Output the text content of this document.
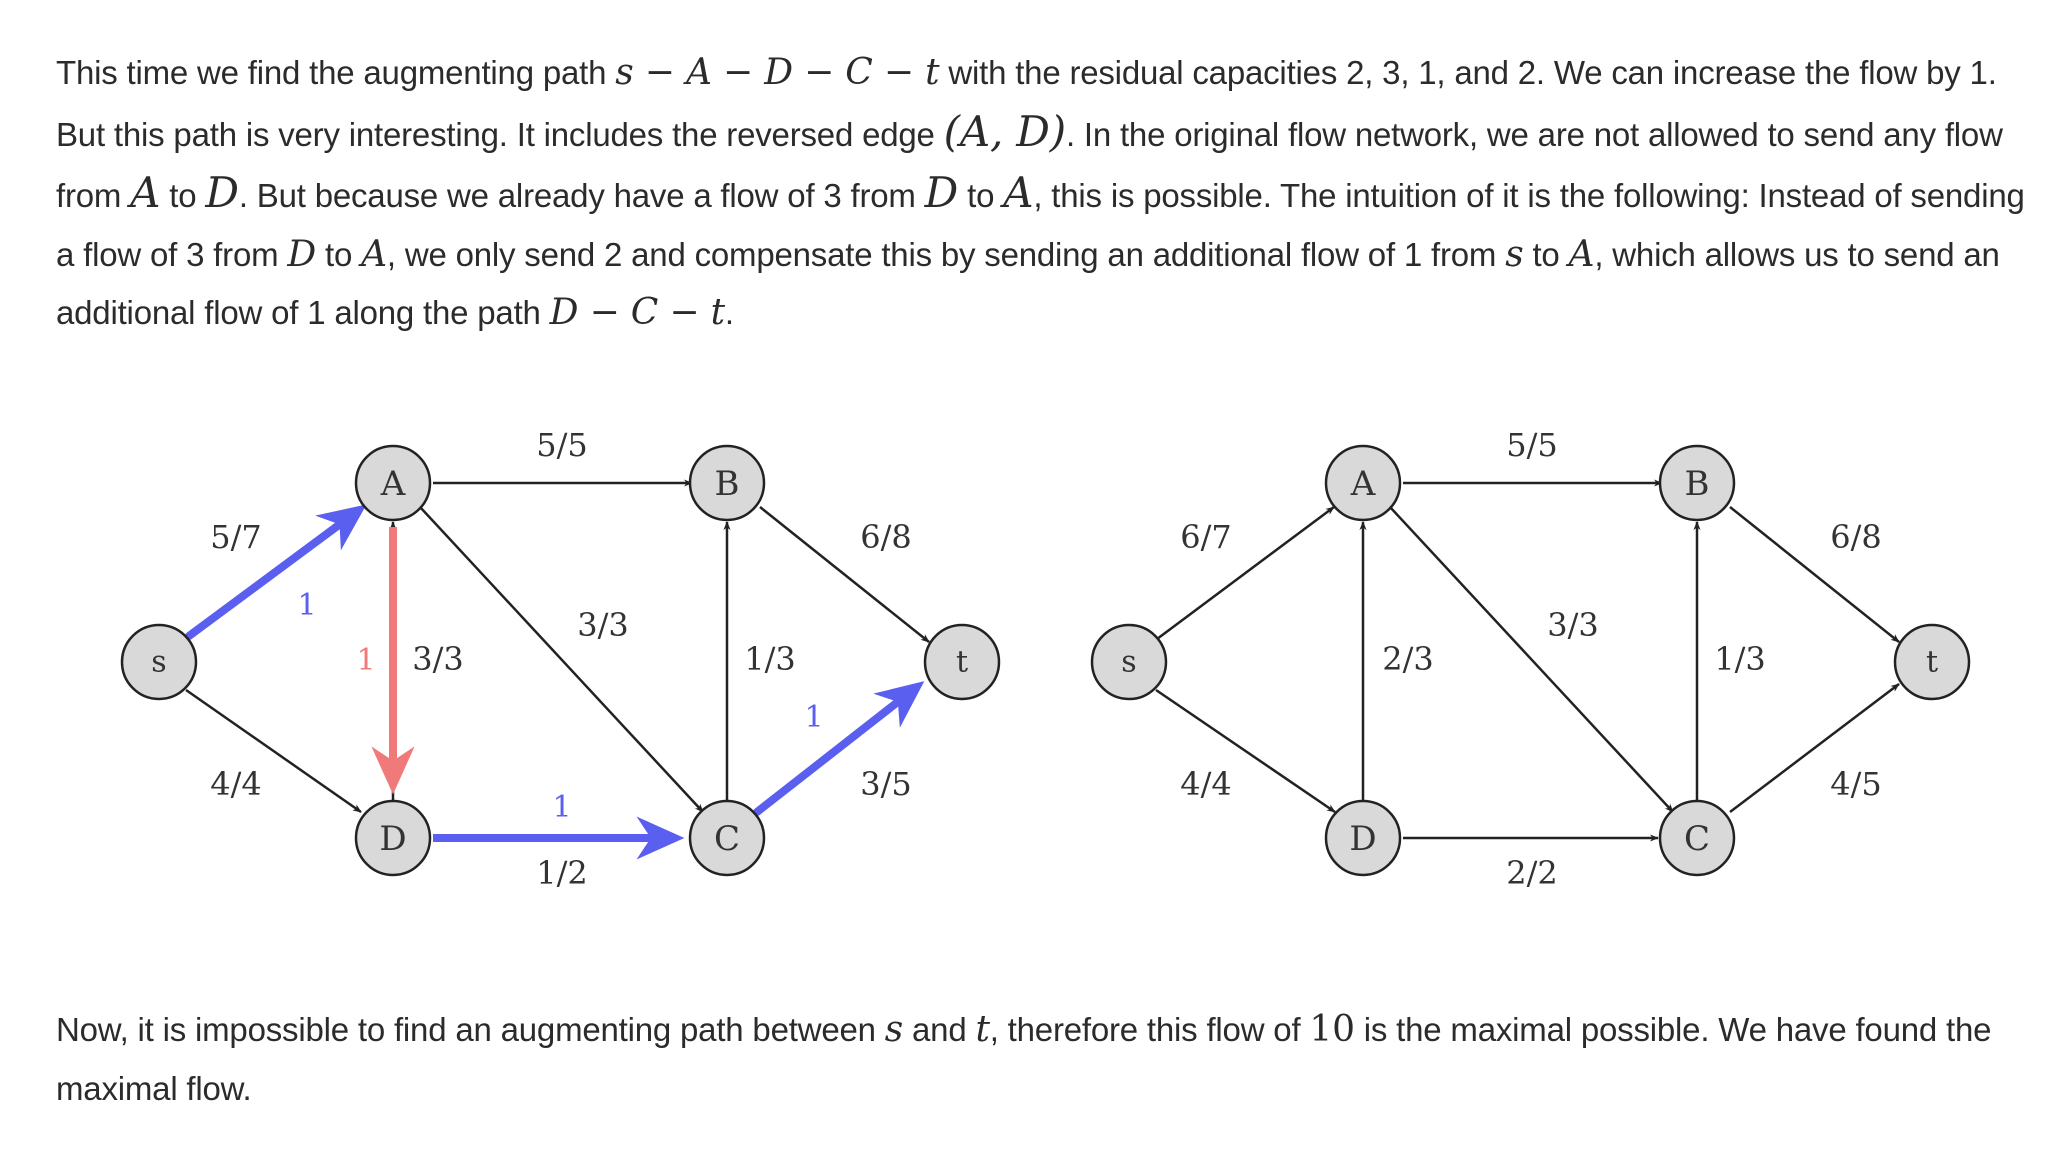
This time we find the augmenting path s − A − D − C − t with the residual capacities 2, 3, 1, and 2. We can increase the flow by 1. But this path is very interesting. It includes the reversed edge (A, D). In the original flow network, we are not allowed to send any flow from A to D. But because we already have a flow of 3 from D to A, this is possible. The intuition of it is the following: Instead of sending a flow of 3 from D to A, we only send 2 and compensate this by sending an additional flow of 1 from s to A, which allows us to send an additional flow of 1 along the path D − C − t.

s
A	B
D	C
t
5/7
4/4
5/5
3/3
3/3
1/2
1/3
6/8
3/5
1
1
1
1
s
A	B
D	C
t
6/7
4/4
5/5
3/3
2/3
2/2
1/3
6/8
4/5

Now, it is impossible to find an augmenting path between s and t, therefore this flow of 10 is the maximal possible. We have found the maximal flow.
